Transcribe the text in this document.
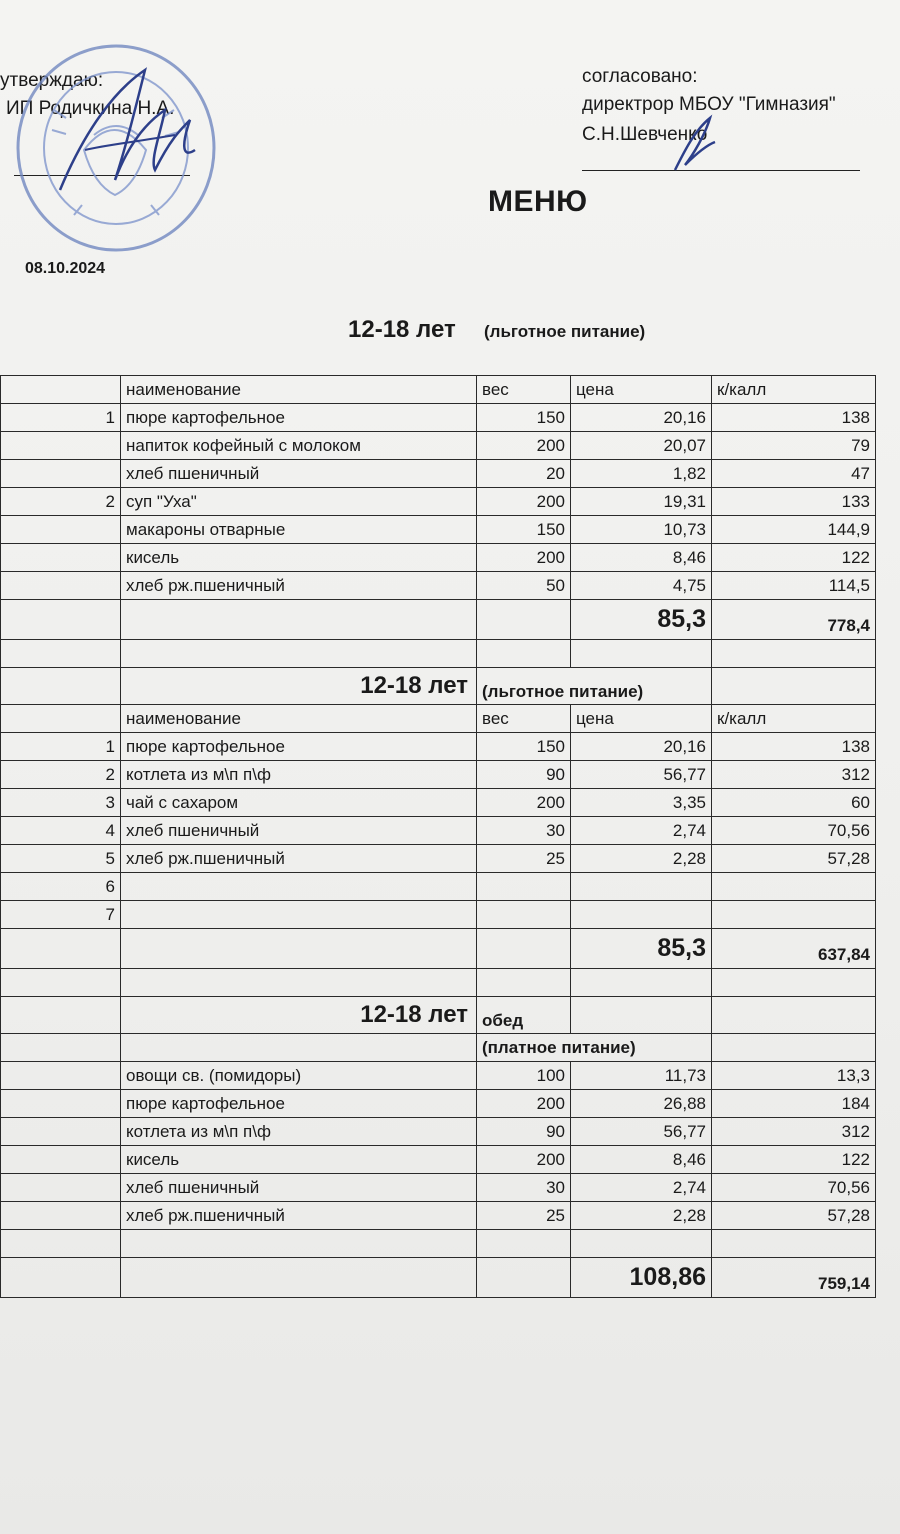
утверждаю:
ИП Родичкина Н.А.
08.10.2024
согласовано:
директрор МБОУ "Гимназия"
С.Н.Шевченко
МЕНЮ
12-18 лет (льготное питание)
	наименование	вес	цена	к/калл
1	пюре картофельное	150	20,16	138
	напиток кофейный с молоком	200	20,07	79
	хлеб пшеничный	20	1,82	47
2	суп "Уха"	200	19,31	133
	макароны отварные	150	10,73	144,9
	кисель	200	8,46	122
	хлеб рж.пшеничный	50	4,75	114,5
			85,3	778,4

	12-18 лет	(льготное питание)		
	наименование	вес	цена	к/калл
1	пюре картофельное	150	20,16	138
2	котлета из м\п п\ф	90	56,77	312
3	чай с сахаром	200	3,35	60
4	хлеб пшеничный	30	2,74	70,56
5	хлеб рж.пшеничный	25	2,28	57,28
6				
7				
			85,3	637,84

	12-18 лет	обед		
		(платное питание)		
	овощи св. (помидоры)	100	11,73	13,3
	пюре картофельное	200	26,88	184
	котлета из м\п п\ф	90	56,77	312
	кисель	200	8,46	122
	хлеб пшеничный	30	2,74	70,56
	хлеб рж.пшеничный	25	2,28	57,28

			108,86	759,14
